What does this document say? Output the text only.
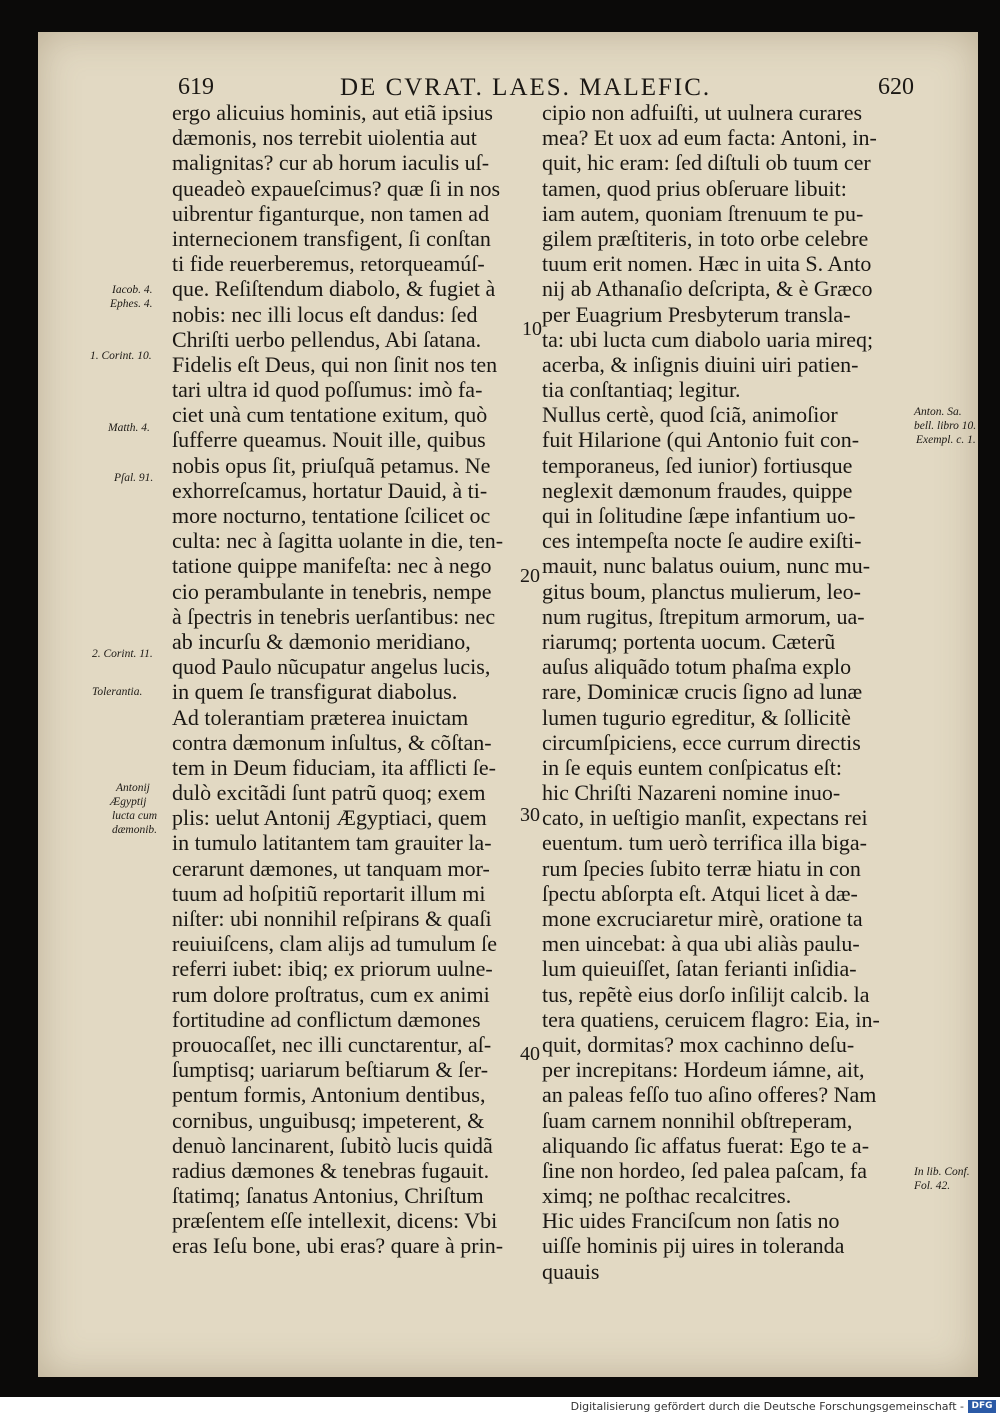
619	DE CVRAT. LAES. MALEFIC.	620
ergo alicuius hominis, aut etiã ipsius
dæmonis, nos terrebit uiolentia aut
malignitas? cur ab horum iaculis uſ-
queadeò expaueſcimus? quæ ſi in nos
uibrentur figanturque, non tamen ad
internecionem transfigent, ſi conſtan
ti fide reuerberemus, retorqueamúſ-
que. Reſiſtendum diabolo, & fugiet à
nobis: nec illi locus eſt dandus: ſed
Chriſti uerbo pellendus, Abi ſatana.
Fidelis eſt Deus, qui non ſinit nos ten
tari ultra id quod poſſumus: imò fa-
ciet unà cum tentatione exitum, quò
ſufferre queamus. Nouit ille, quibus
nobis opus ſit, priuſquã petamus. Ne
exhorreſcamus, hortatur Dauid, à ti-
more nocturno, tentatione ſcilicet oc
culta: nec à ſagitta uolante in die, ten-
tatione quippe manifeſta: nec à nego
cio perambulante in tenebris, nempe
à ſpectris in tenebris uerſantibus: nec
ab incurſu & dæmonio meridiano,
quod Paulo nũcupatur angelus lucis,
in quem ſe transfigurat diabolus.
Ad tolerantiam præterea inuictam
contra dæmonum inſultus, & cõſtan-
tem in Deum fiduciam, ita afflicti ſe-
dulò excitãdi ſunt patrũ quoq; exem
plis: uelut Antonij Ægyptiaci, quem
in tumulo latitantem tam grauiter la-
cerarunt dæmones, ut tanquam mor-
tuum ad hoſpitiũ reportarit illum mi
niſter: ubi nonnihil reſpirans & quaſi
reuiuiſcens, clam alijs ad tumulum ſe
referri iubet: ibiq; ex priorum uulne-
rum dolore proſtratus, cum ex animi
fortitudine ad conflictum dæmones
prouocaſſet, nec illi cunctarentur, aſ-
ſumptisq; uariarum beſtiarum & ſer-
pentum formis, Antonium dentibus,
cornibus, unguibusq; impeterent, &
denuò lancinarent, ſubitò lucis quidã
radius dæmones & tenebras fugauit.
ſtatimq; ſanatus Antonius, Chriſtum
præſentem eſſe intellexit, dicens: Vbi
eras Ieſu bone, ubi eras? quare à prin-
cipio non adfuiſti, ut uulnera curares
mea? Et uox ad eum facta: Antoni, in-
quit, hic eram: ſed diſtuli ob tuum cer
tamen, quod prius obſeruare libuit:
iam autem, quoniam ſtrenuum te pu-
gilem præſtiteris, in toto orbe celebre
tuum erit nomen. Hæc in uita S. Anto
nij ab Athanaſio deſcripta, & è Græco
per Euagrium Presbyterum transla-
ta: ubi lucta cum diabolo uaria mireq;
acerba, & inſignis diuini uiri patien-
tia conſtantiaq; legitur.
Nullus certè, quod ſciã, animoſior
fuit Hilarione (qui Antonio fuit con-
temporaneus, ſed iunior) fortiusque
neglexit dæmonum fraudes, quippe
qui in ſolitudine ſæpe infantium uo-
ces intempeſta nocte ſe audire exiſti-
mauit, nunc balatus ouium, nunc mu-
gitus boum, planctus mulierum, leo-
num rugitus, ſtrepitum armorum, ua-
riarumq; portenta uocum. Cæterũ
auſus aliquãdo totum phaſma explo
rare, Dominicæ crucis ſigno ad lunæ
lumen tugurio egreditur, & ſollicitè
circumſpiciens, ecce currum directis
in ſe equis euntem conſpicatus eſt:
hic Chriſti Nazareni nomine inuo-
cato, in ueſtigio manſit, expectans rei
euentum. tum uerò terrifica illa biga-
rum ſpecies ſubito terræ hiatu in con
ſpectu abſorpta eſt. Atqui licet à dæ-
mone excruciaretur mirè, oratione ta
men uincebat: à qua ubi aliàs paulu-
lum quieuiſſet, ſatan ferianti inſidia-
tus, repẽtè eius dorſo inſilijt calcib. la
tera quatiens, ceruicem flagro: Eia, in-
quit, dormitas? mox cachinno deſu-
per increpitans: Hordeum iámne, ait,
an paleas feſſo tuo aſino offeres? Nam
ſuam carnem nonnihil obſtreperam,
aliquando ſic affatus fuerat: Ego te a-
ſine non hordeo, ſed palea paſcam, fa
ximq; ne poſthac recalcitres.
Hic uides Franciſcum non ſatis no
uiſſe hominis pij uires in toleranda
quauis
Iacob. 4.
Ephes. 4.
1. Corint. 10.
Matth. 4.
Pſal. 91.
2. Corint. 11.
Tolerantia.
Antonij
Ægyptij
lucta cum
dæmonib.
Anton. Sa.
bell. libro 10.
Exempl. c. 1.
In lib. Conf.
Fol. 42.
10
20
30
40
Digitalisierung gefördert durch die Deutsche Forschungsgemeinschaft - DFG
